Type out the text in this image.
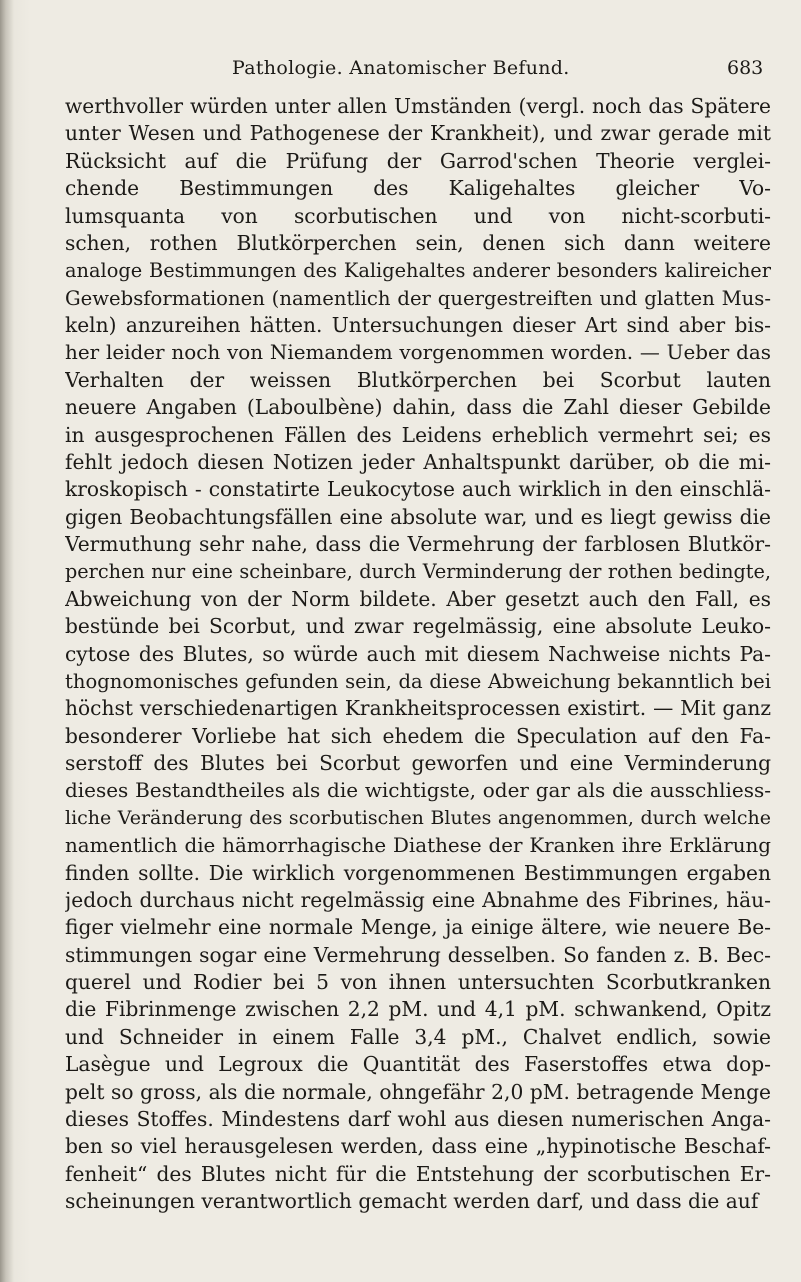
Pathologie. Anatomischer Befund.	683
werthvoller würden unter allen Umständen (vergl. noch das Spätere
unter Wesen und Pathogenese der Krankheit), und zwar gerade mit
Rücksicht auf die Prüfung der Garrod'schen Theorie verglei-
chende Bestimmungen des Kaligehaltes gleicher Vo-
lumsquanta von scorbutischen und von nicht-scorbuti-
schen, rothen Blutkörperchen sein, denen sich dann weitere
analoge Bestimmungen des Kaligehaltes anderer besonders kalireicher
Gewebsformationen (namentlich der quergestreiften und glatten Mus-
keln) anzureihen hätten. Untersuchungen dieser Art sind aber bis-
her leider noch von Niemandem vorgenommen worden. — Ueber das
Verhalten der weissen Blutkörperchen bei Scorbut lauten
neuere Angaben (Laboulbène) dahin, dass die Zahl dieser Gebilde
in ausgesprochenen Fällen des Leidens erheblich vermehrt sei; es
fehlt jedoch diesen Notizen jeder Anhaltspunkt darüber, ob die mi-
kroskopisch - constatirte Leukocytose auch wirklich in den einschlä-
gigen Beobachtungsfällen eine absolute war, und es liegt gewiss die
Vermuthung sehr nahe, dass die Vermehrung der farblosen Blutkör-
perchen nur eine scheinbare, durch Verminderung der rothen bedingte,
Abweichung von der Norm bildete. Aber gesetzt auch den Fall, es
bestünde bei Scorbut, und zwar regelmässig, eine absolute Leuko-
cytose des Blutes, so würde auch mit diesem Nachweise nichts Pa-
thognomonisches gefunden sein, da diese Abweichung bekanntlich bei
höchst verschiedenartigen Krankheitsprocessen existirt. — Mit ganz
besonderer Vorliebe hat sich ehedem die Speculation auf den Fa-
serstoff des Blutes bei Scorbut geworfen und eine Verminderung
dieses Bestandtheiles als die wichtigste, oder gar als die ausschliess-
liche Veränderung des scorbutischen Blutes angenommen, durch welche
namentlich die hämorrhagische Diathese der Kranken ihre Erklärung
finden sollte. Die wirklich vorgenommenen Bestimmungen ergaben
jedoch durchaus nicht regelmässig eine Abnahme des Fibrines, häu-
figer vielmehr eine normale Menge, ja einige ältere, wie neuere Be-
stimmungen sogar eine Vermehrung desselben. So fanden z. B. Bec-
querel und Rodier bei 5 von ihnen untersuchten Scorbutkranken
die Fibrinmenge zwischen 2,2 pM. und 4,1 pM. schwankend, Opitz
und Schneider in einem Falle 3,4 pM., Chalvet endlich, sowie
Lasègue und Legroux die Quantität des Faserstoffes etwa dop-
pelt so gross, als die normale, ohngefähr 2,0 pM. betragende Menge
dieses Stoffes. Mindestens darf wohl aus diesen numerischen Anga-
ben so viel herausgelesen werden, dass eine „hypinotische Beschaf-
fenheit“ des Blutes nicht für die Entstehung der scorbutischen Er-
scheinungen verantwortlich gemacht werden darf, und dass die auf
